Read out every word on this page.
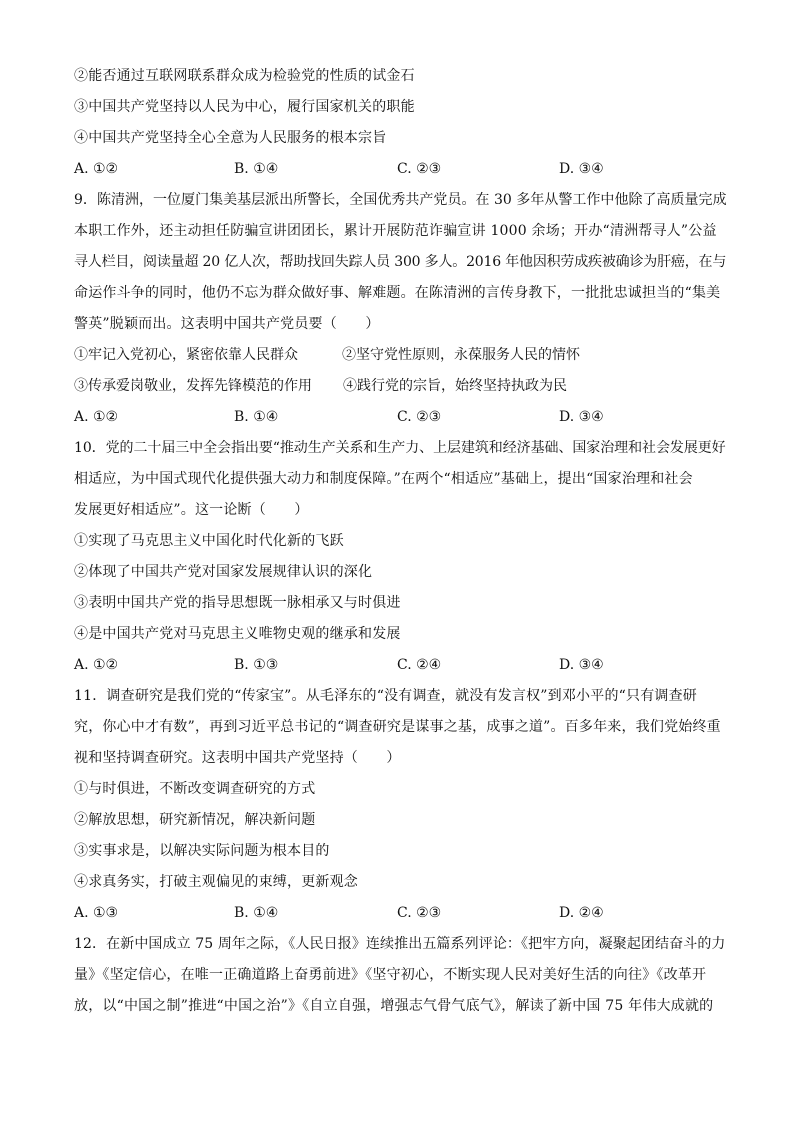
②能否通过互联网联系群众成为检验党的性质的试金石
③中国共产党坚持以人民为中心，履行国家机关的职能
④中国共产党坚持全心全意为人民服务的根本宗旨
A. ①②	B. ①④	C. ②③	D. ③④
9．陈清洲，一位厦门集美基层派出所警长，全国优秀共产党员。在 30 多年从警工作中他除了高质量完成
本职工作外，还主动担任防骗宣讲团团长，累计开展防范诈骗宣讲 1000 余场；开办“清洲帮寻人”公益
寻人栏目，阅读量超 20 亿人次，帮助找回失踪人员 300 多人。2016 年他因积劳成疾被确诊为肝癌，在与
命运作斗争的同时，他仍不忘为群众做好事、解难题。在陈清洲的言传身教下，一批批忠诚担当的“集美
警英”脱颖而出。这表明中国共产党员要（　　）
①牢记入党初心，紧密依靠人民群众	②坚守党性原则，永葆服务人民的情怀
③传承爱岗敬业，发挥先锋模范的作用 ④践行党的宗旨，始终坚持执政为民
A. ①②	B. ①④	C. ②③	D. ③④
10．党的二十届三中全会指出要“推动生产关系和生产力、上层建筑和经济基础、国家治理和社会发展更好
相适应，为中国式现代化提供强大动力和制度保障。”在两个“相适应”基础上，提出“国家治理和社会
发展更好相适应”。这一论断（　　）
①实现了马克思主义中国化时代化新的飞跃
②体现了中国共产党对国家发展规律认识的深化
③表明中国共产党的指导思想既一脉相承又与时俱进
④是中国共产党对马克思主义唯物史观的继承和发展
A. ①②	B. ①③	C. ②④	D. ③④
11．调查研究是我们党的“传家宝”。从毛泽东的“没有调查，就没有发言权”到邓小平的“只有调查研
究，你心中才有数”，再到习近平总书记的“调查研究是谋事之基，成事之道”。百多年来，我们党始终重
视和坚持调查研究。这表明中国共产党坚持（　　）
①与时俱进，不断改变调查研究的方式
②解放思想，研究新情况，解决新问题
③实事求是，以解决实际问题为根本目的
④求真务实，打破主观偏见的束缚，更新观念
A. ①③	B. ①④	C. ②③	D. ②④
12．在新中国成立 75 周年之际，《人民日报》连续推出五篇系列评论：《把牢方向，凝聚起团结奋斗的力
量》《坚定信心，在唯一正确道路上奋勇前进》《坚守初心，不断实现人民对美好生活的向往》《改革开
放，以“中国之制”推进“中国之治”》《自立自强，增强志气骨气底气》，解读了新中国 75 年伟大成就的
